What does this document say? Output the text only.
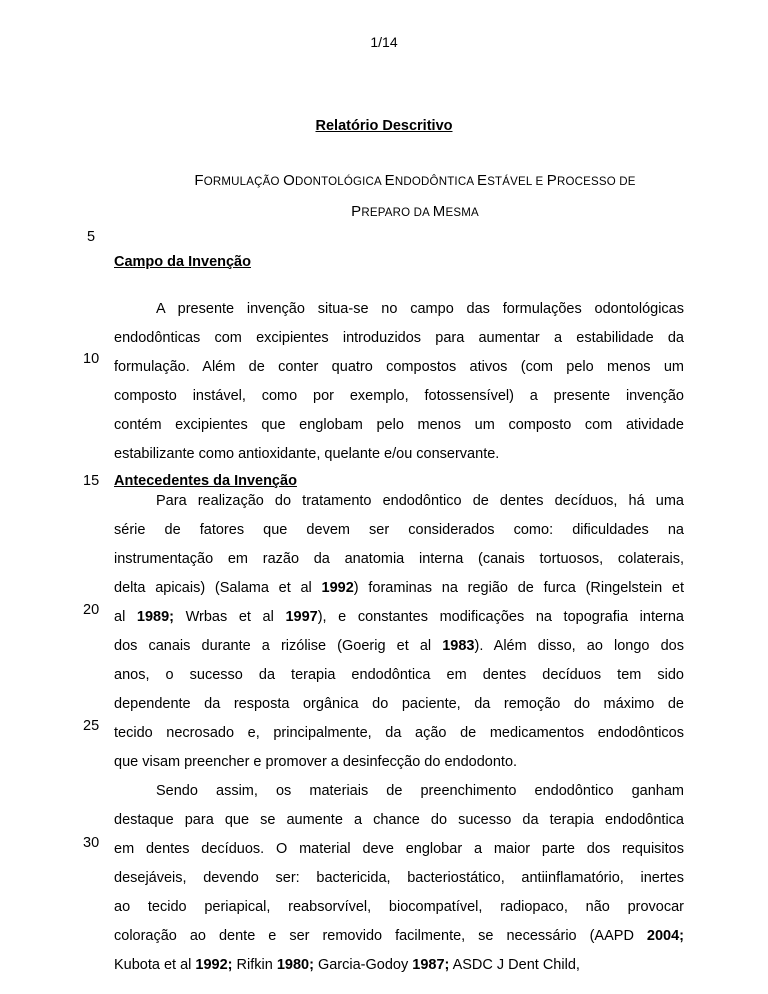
1/14
Relatório Descritivo
FORMULAÇÃO ODONTOLÓGICA ENDODÔNTICA ESTÁVEL E PROCESSO DE
PREPARO DA MESMA
5
10
15
20
25
30
Campo da Invenção
A presente invenção situa-se no campo das formulações odontológicas
endodônticas com excipientes introduzidos para aumentar a estabilidade da
formulação. Além de conter quatro compostos ativos (com pelo menos um
composto instável, como por exemplo, fotossensível) a presente invenção
contém excipientes que englobam pelo menos um composto com atividade
estabilizante como antioxidante, quelante e/ou conservante.
Antecedentes da Invenção
Para realização do tratamento endodôntico de dentes decíduos, há uma
série de fatores que devem ser considerados como: dificuldades na
instrumentação em razão da anatomia interna (canais tortuosos, colaterais,
delta apicais) (Salama et al 1992) foraminas na região de furca (Ringelstein et
al 1989; Wrbas et al 1997), e constantes modificações na topografia interna
dos canais durante a rizólise (Goerig et al 1983). Além disso, ao longo dos
anos, o sucesso da terapia endodôntica em dentes decíduos tem sido
dependente da resposta orgânica do paciente, da remoção do máximo de
tecido necrosado e, principalmente, da ação de medicamentos endodônticos
que visam preencher e promover a desinfecção do endodonto.
Sendo assim, os materiais de preenchimento endodôntico ganham
destaque para que se aumente a chance do sucesso da terapia endodôntica
em dentes decíduos. O material deve englobar a maior parte dos requisitos
desejáveis, devendo ser: bactericida, bacteriostático, antiinflamatório, inertes
ao tecido periapical, reabsorvível, biocompatível, radiopaco, não provocar
coloração ao dente e ser removido facilmente, se necessário (AAPD 2004;
Kubota et al 1992; Rifkin 1980; Garcia-Godoy 1987; ASDC J Dent Child,
